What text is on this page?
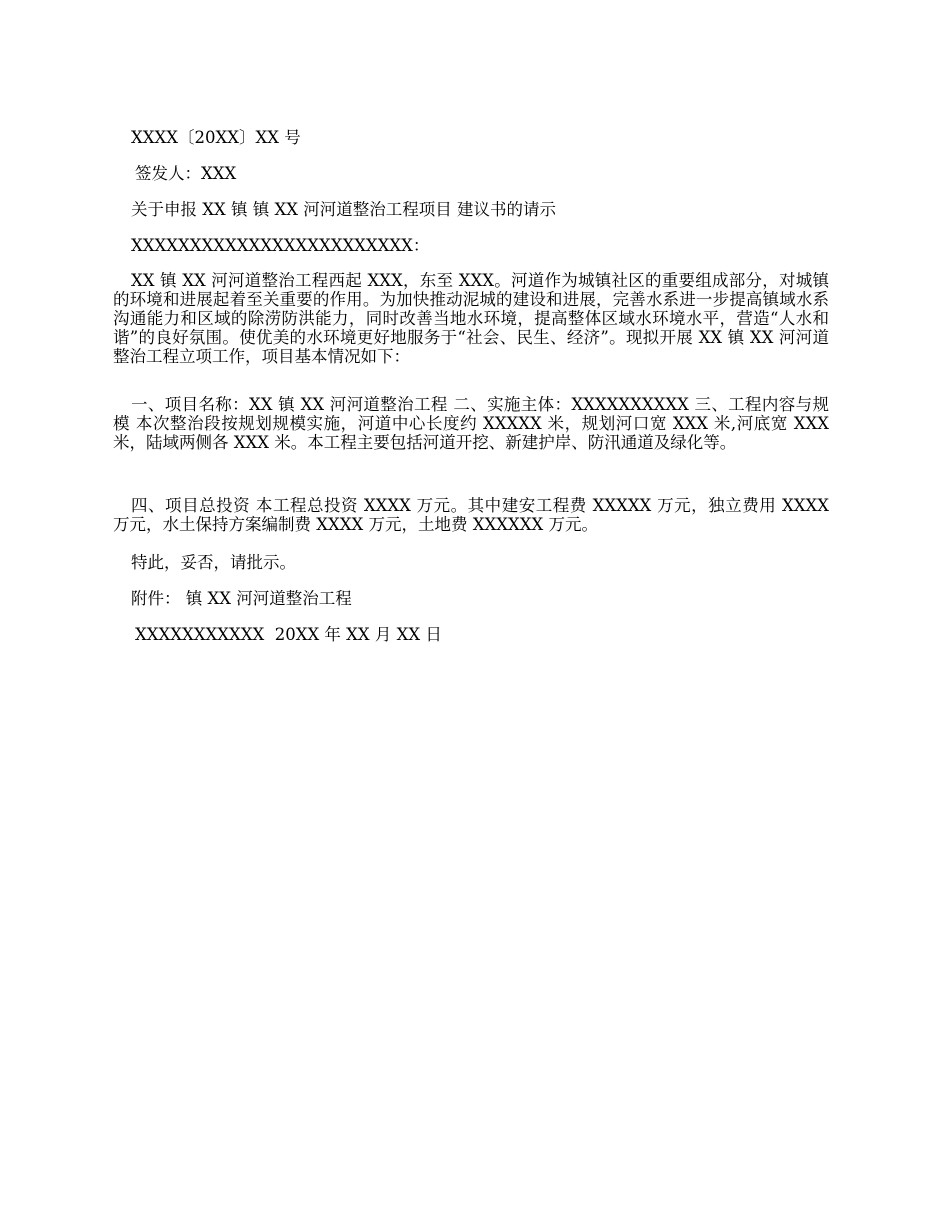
XXXX〔20XX〕XX 号
签发人：XXX
关于申报 XX 镇 镇 XX 河河道整治工程项目 建议书的请示
XXXXXXXXXXXXXXXXXXXXXXXX：
XX 镇 XX 河河道整治工程西起 XXX，东至 XXX。河道作为城镇社区的重要组成部分，对城镇的环境和进展起着至关重要的作用。为加快推动泥城的建设和进展，完善水系进一步提高镇域水系沟通能力和区域的除涝防洪能力，同时改善当地水环境，提高整体区域水环境水平，营造“人水和谐”的良好氛围。使优美的水环境更好地服务于“社会、民生、经济”。现拟开展 XX 镇 XX 河河道整治工程立项工作，项目基本情况如下：
一、项目名称：XX 镇 XX 河河道整治工程 二、实施主体：XXXXXXXXXX 三、工程内容与规模 本次整治段按规划规模实施，河道中心长度约 XXXXX 米，规划河口宽 XXX 米,河底宽 XXX 米，陆域两侧各 XXX 米。本工程主要包括河道开挖、新建护岸、防汛通道及绿化等。
四、项目总投资 本工程总投资 XXXX 万元。其中建安工程费 XXXXX 万元，独立费用 XXXX 万元，水土保持方案编制费 XXXX 万元，土地费 XXXXXX 万元。
特此，妥否，请批示。
附件： 镇 XX 河河道整治工程
XXXXXXXXXXX  20XX 年 XX 月 XX 日
